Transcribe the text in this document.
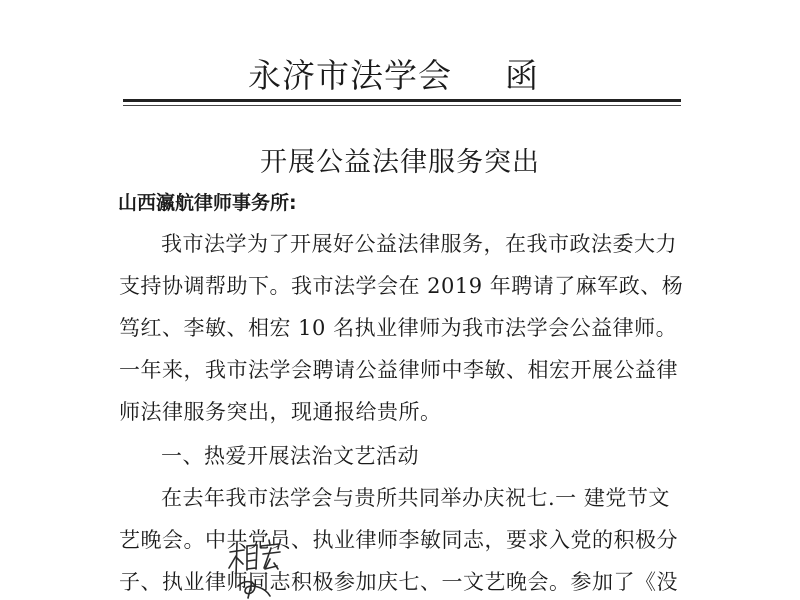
永济市法学会 函
开展公益法律服务突出
山西瀛航律师事务所:
我市法学为了开展好公益法律服务，在我市政法委大力
支持协调帮助下。我市法学会在 2019 年聘请了麻军政、杨
笃红、李敏、相宏 10 名执业律师为我市法学会公益律师。
一年来，我市法学会聘请公益律师中李敏、相宏开展公益律
师法律服务突出，现通报给贵所。
一、热爱开展法治文艺活动
在去年我市法学会与贵所共同举办庆祝七.一 建党节文
艺晚会。中共党员、执业律师李敏同志，要求入党的积极分
子、执业律师同志积极参加庆七、一文艺晚会。参加了《没
